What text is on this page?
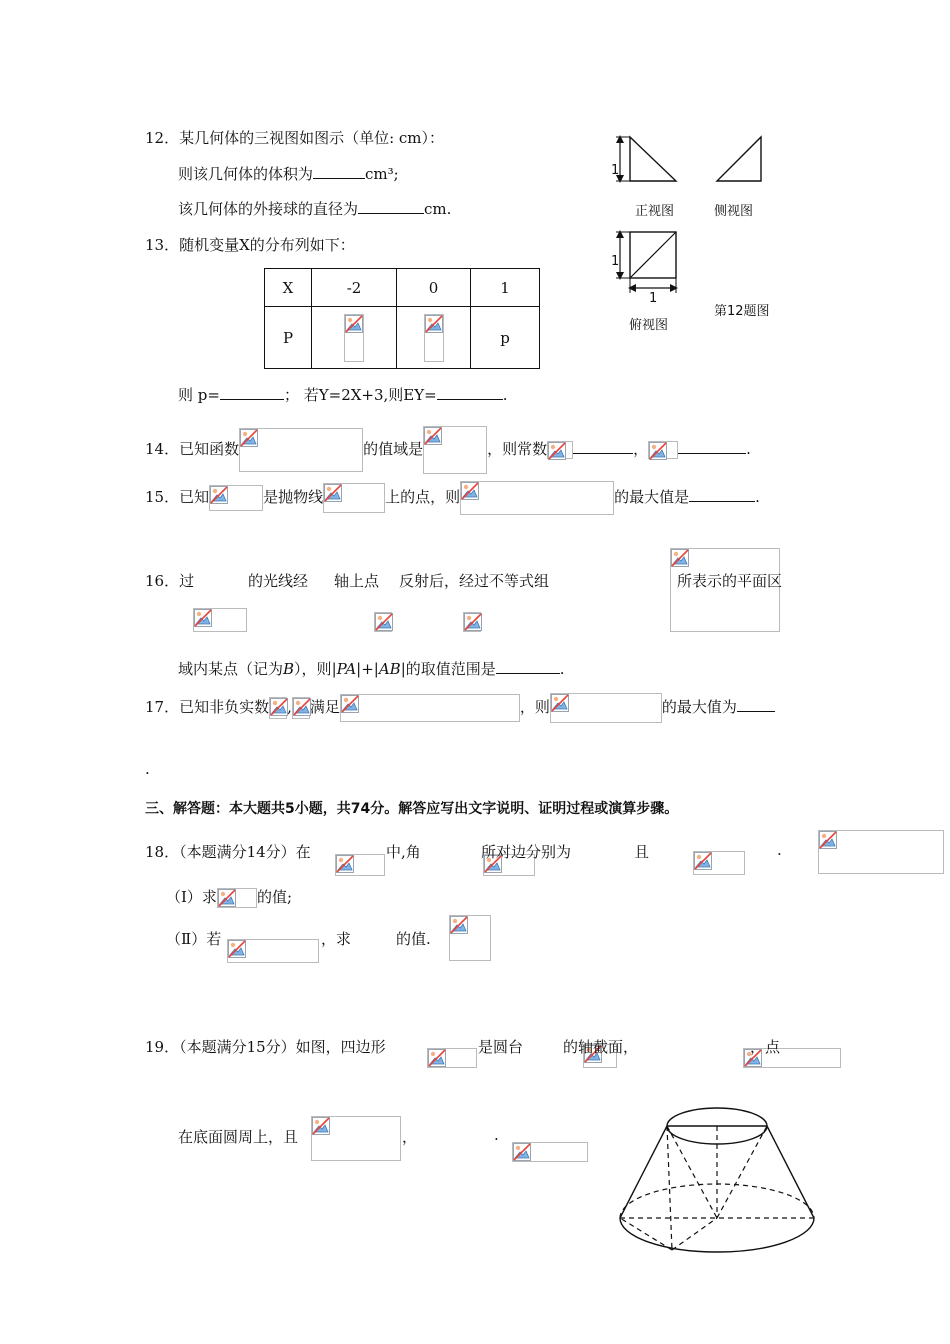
12．某几何体的三视图如图示（单位: cm）：
则该几何体的体积为	cm³;
该几何体的外接球的直径为	cm.
1
1
1
正视图	侧视图
俯视图
第12题图
13．随机变量X的分布列如下：
X	-2	0	1
P			p
则 p=	； 若Y=2X+3,则EY=	.
14．已知函数	的值域是	，则常数	，	.
15．已知	是抛物线	上的点，则	的最大值是	.
16．过
	的光线经
轴上点
反射后，经过不等式组	所表示的平面区
域内某点（记为B），则|PA|+|AB|的取值范围是	.
17．已知非负实数 , 满足	，则	的最大值为
.
三、解答题：本大题共5小题，共74分。解答应写出文字说明、证明过程或演算步骤。
18．（本题满分14分）在
	中,角
	所对边分别为
	且	.
（Ⅰ）求	的值;
（Ⅱ）若
	，求	的值.
19．（本题满分15分）如图，四边形
	是圆台
	的轴截面，
	，点
在底面圆周上，且
	，	.
